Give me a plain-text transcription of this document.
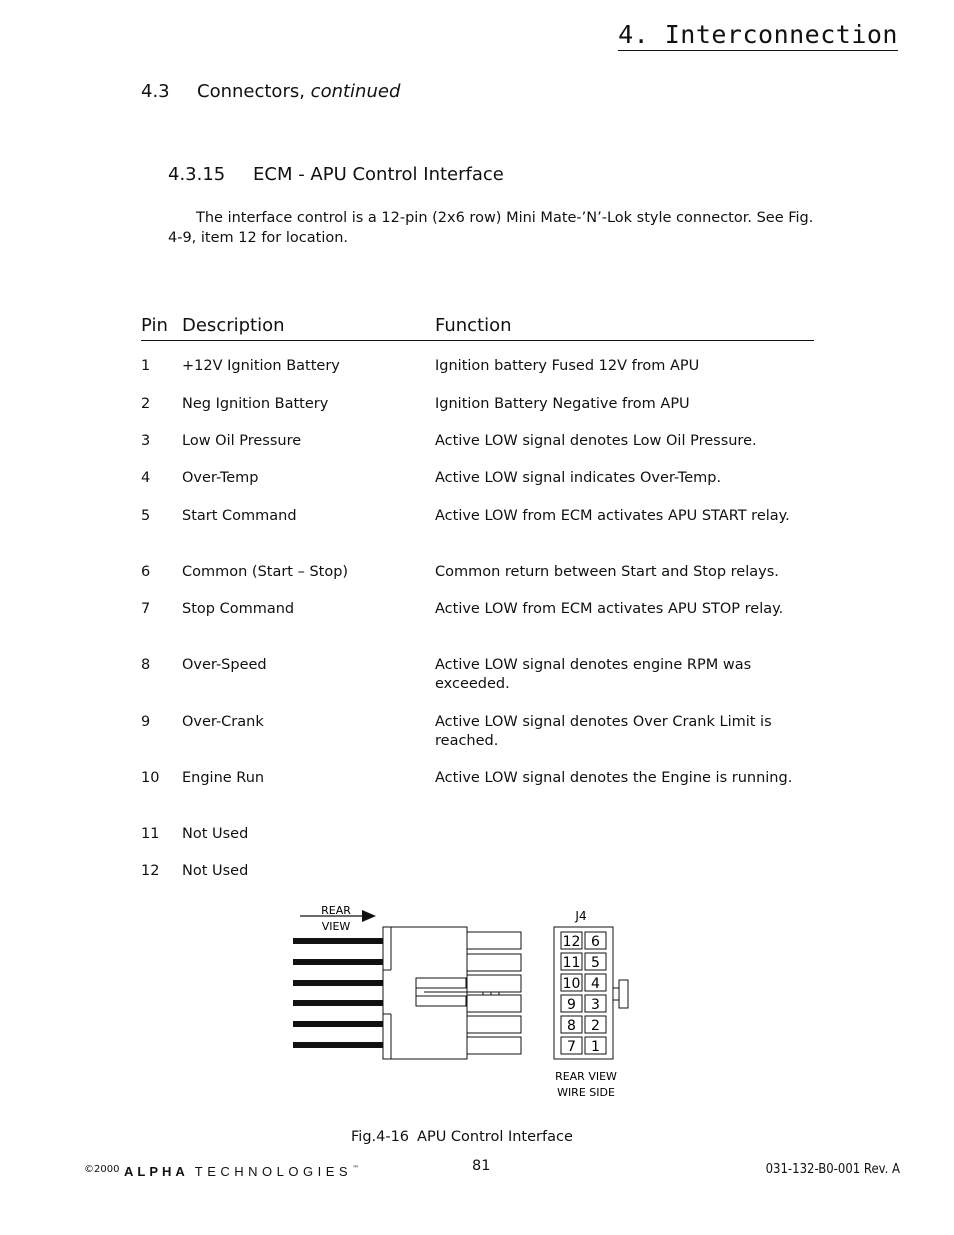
4. Interconnection
4.3 Connectors, continued
4.3.15 ECM - APU Control Interface
The interface control is a 12-pin (2x6 row) Mini Mate-’N’-Lok style connector. See Fig. 4-9, item 12 for location.
Pin Description	Function
1 +12V Ignition Battery	Ignition battery Fused 12V from APU
2 Neg Ignition Battery	Ignition Battery Negative from APU
3 Low Oil Pressure	Active LOW signal denotes Low Oil Pressure.
4 Over-Temp	Active LOW signal indicates Over-Temp.
5 Start Command	Active LOW from ECM activates APU START relay.
6 Common (Start – Stop)	Common return between Start and Stop relays.
7 Stop Command	Active LOW from ECM activates APU STOP relay.
8 Over-Speed	Active LOW signal denotes engine RPM was exceeded.
9 Over-Crank	Active LOW signal denotes Over Crank Limit is reached.
10 Engine Run	Active LOW signal denotes the Engine is running.
11 Not Used
12 Not Used
REAR
VIEW
J4
12 6
11 5
10 4
9 3
8 2
7 1
REAR VIEW
WIRE SIDE
Fig.4-16 APU Control Interface
©2000 ALPHA TECHNOLOGIES™	81	031-132-B0-001 Rev. A
